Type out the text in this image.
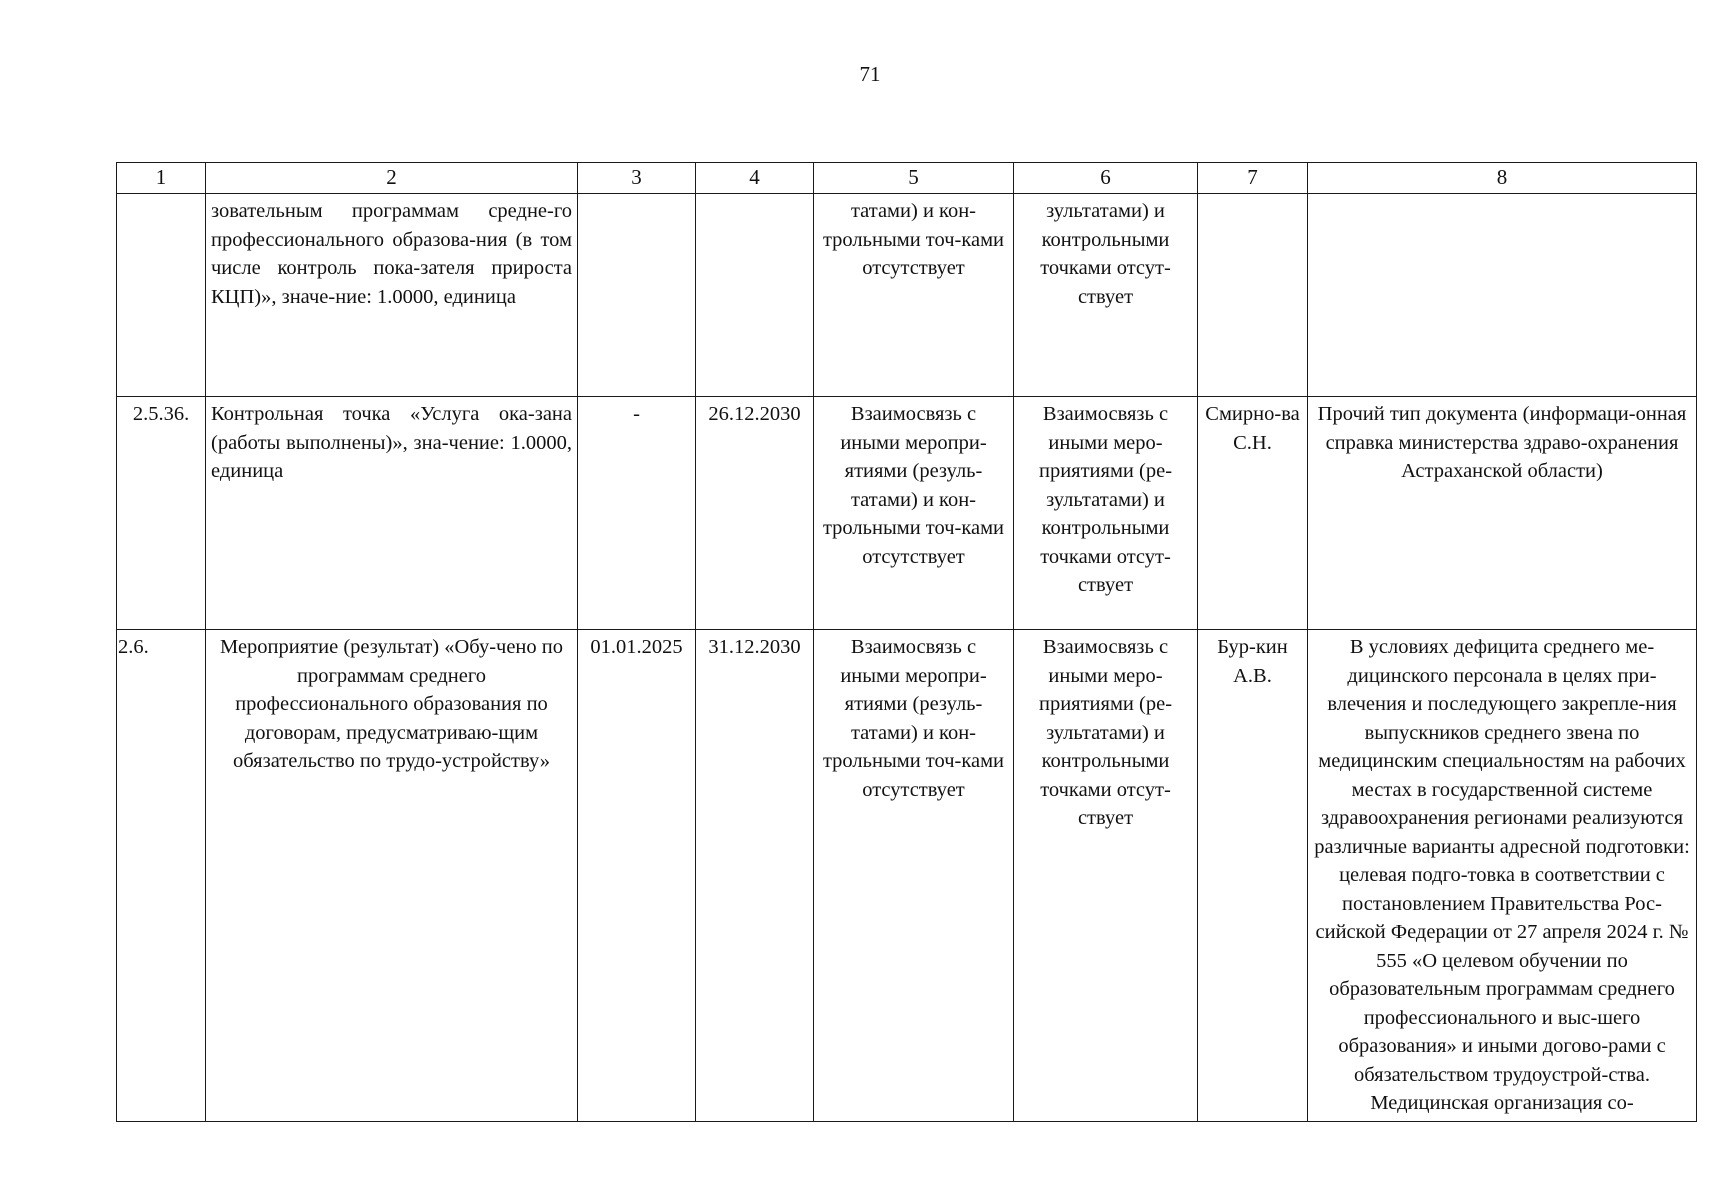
71
1	2	3	4	5	6	7	8
	зовательным программам средне-го профессионального образова-ния (в том числе контроль пока-зателя прироста КЦП)», значе-ние: 1.0000, единица			татами) и кон-трольными точ-ками отсутствует	зультатами) и контрольными точками отсут-ствует		
2.5.36.	Контрольная точка «Услуга ока-зана (работы выполнены)», зна-чение: 1.0000, единица	-	26.12.2030	Взаимосвязь с иными меропри-ятиями (резуль-татами) и кон-трольными точ-ками отсутствует	Взаимосвязь с иными меро-приятиями (ре-зультатами) и контрольными точками отсут-ствует	Смирно-ва С.Н.	Прочий тип документа (информаци-онная справка министерства здраво-охранения Астраханской области)
2.6.	Мероприятие (результат) «Обу-чено по программам среднего профессионального образования по договорам, предусматриваю-щим обязательство по трудо-устройству»	01.01.2025	31.12.2030	Взаимосвязь с иными меропри-ятиями (резуль-татами) и кон-трольными точ-ками отсутствует	Взаимосвязь с иными меро-приятиями (ре-зультатами) и контрольными точками отсут-ствует	Бур-кин А.В.	В условиях дефицита среднего ме-дицинского персонала в целях при-влечения и последующего закрепле-ния выпускников среднего звена по медицинским специальностям на рабочих местах в государственной системе здравоохранения регионами реализуются различные варианты адресной подготовки: целевая подго-товка в соответствии с постановлением Правительства Рос-сийской Федерации от 27 апреля 2024 г. № 555 «О целевом обучении по образовательным программам среднего профессионального и выс-шего образования» и иными догово-рами с обязательством трудоустрой-ства. Медицинская организация со-
